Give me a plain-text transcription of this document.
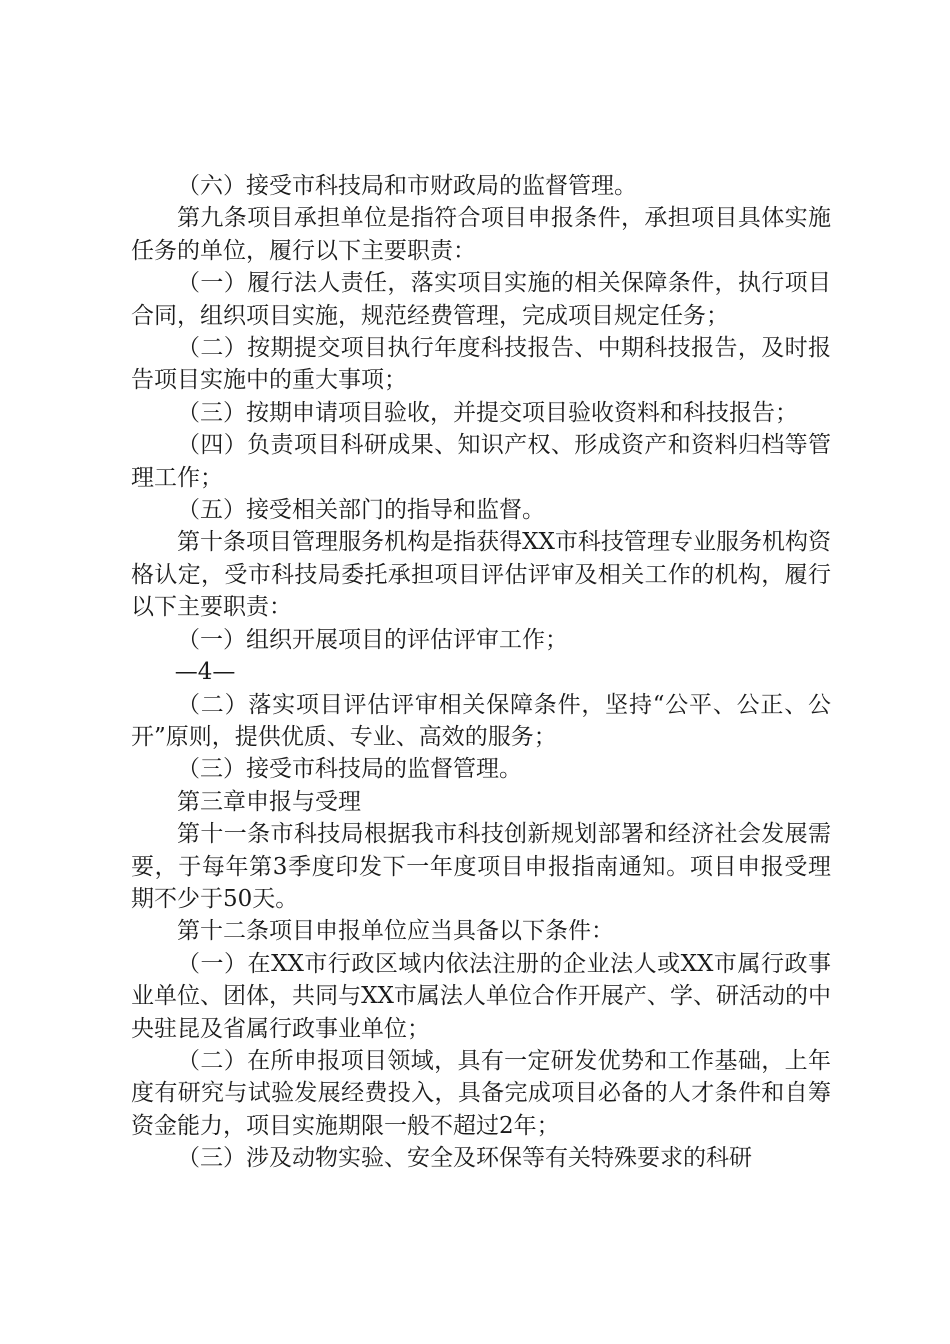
（六）接受市科技局和市财政局的监督管理。

第九条项目承担单位是指符合项目申报条件，承担项目具体实施任务的单位，履行以下主要职责：

（一）履行法人责任，落实项目实施的相关保障条件，执行项目合同，组织项目实施，规范经费管理，完成项目规定任务；

（二）按期提交项目执行年度科技报告、中期科技报告，及时报告项目实施中的重大事项；

（三）按期申请项目验收，并提交项目验收资料和科技报告；

（四）负责项目科研成果、知识产权、形成资产和资料归档等管理工作；

（五）接受相关部门的指导和监督。

第十条项目管理服务机构是指获得XX市科技管理专业服务机构资格认定，受市科技局委托承担项目评估评审及相关工作的机构，履行以下主要职责：

（一）组织开展项目的评估评审工作；

—4—

（二）落实项目评估评审相关保障条件，坚持“公平、公正、公开”原则，提供优质、专业、高效的服务；

（三）接受市科技局的监督管理。

第三章申报与受理

第十一条市科技局根据我市科技创新规划部署和经济社会发展需要，于每年第3季度印发下一年度项目申报指南通知。项目申报受理期不少于50天。

第十二条项目申报单位应当具备以下条件：

（一）在XX市行政区域内依法注册的企业法人或XX市属行政事业单位、团体，共同与XX市属法人单位合作开展产、学、研活动的中央驻昆及省属行政事业单位；

（二）在所申报项目领域，具有一定研发优势和工作基础，上年度有研究与试验发展经费投入，具备完成项目必备的人才条件和自筹资金能力，项目实施期限一般不超过2年；

（三）涉及动物实验、安全及环保等有关特殊要求的科研
